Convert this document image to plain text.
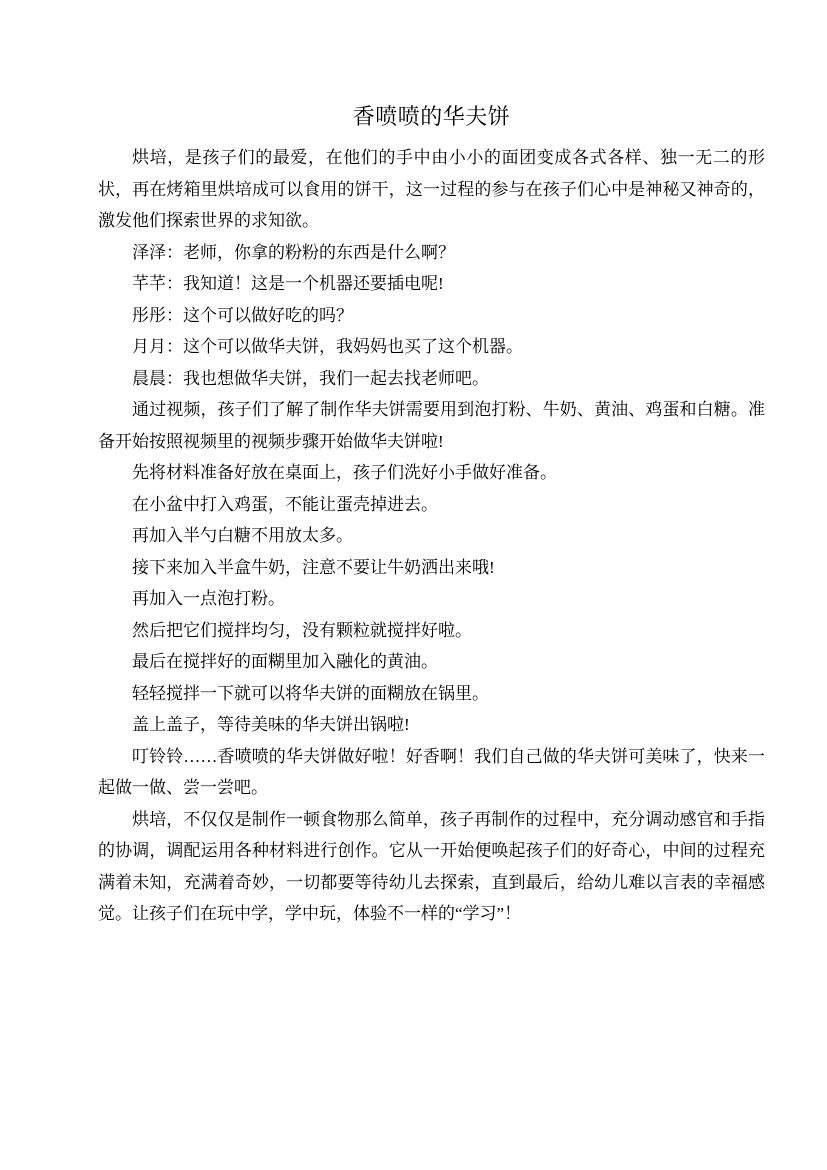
香喷喷的华夫饼

烘培，是孩子们的最爱，在他们的手中由小小的面团变成各式各样、独一无二的形状，再在烤箱里烘培成可以食用的饼干，这一过程的参与在孩子们心中是神秘又神奇的，激发他们探索世界的求知欲。

泽泽：老师，你拿的粉粉的东西是什么啊？

芊芊：我知道！这是一个机器还要插电呢!

彤彤：这个可以做好吃的吗？

月月：这个可以做华夫饼，我妈妈也买了这个机器。

晨晨：我也想做华夫饼，我们一起去找老师吧。

通过视频，孩子们了解了制作华夫饼需要用到泡打粉、牛奶、黄油、鸡蛋和白糖。准备开始按照视频里的视频步骤开始做华夫饼啦!

先将材料准备好放在桌面上，孩子们洗好小手做好准备。

在小盆中打入鸡蛋，不能让蛋壳掉进去。

再加入半勺白糖不用放太多。

接下来加入半盒牛奶，注意不要让牛奶洒出来哦!

再加入一点泡打粉。

然后把它们搅拌均匀，没有颗粒就搅拌好啦。

最后在搅拌好的面糊里加入融化的黄油。

轻轻搅拌一下就可以将华夫饼的面糊放在锅里。

盖上盖子，等待美味的华夫饼出锅啦!

叮铃铃……香喷喷的华夫饼做好啦！好香啊！我们自己做的华夫饼可美味了，快来一起做一做、尝一尝吧。

烘培，不仅仅是制作一顿食物那么简单，孩子再制作的过程中，充分调动感官和手指的协调，调配运用各种材料进行创作。它从一开始便唤起孩子们的好奇心，中间的过程充满着未知，充满着奇妙，一切都要等待幼儿去探索，直到最后，给幼儿难以言表的幸福感觉。让孩子们在玩中学，学中玩，体验不一样的“学习”！
